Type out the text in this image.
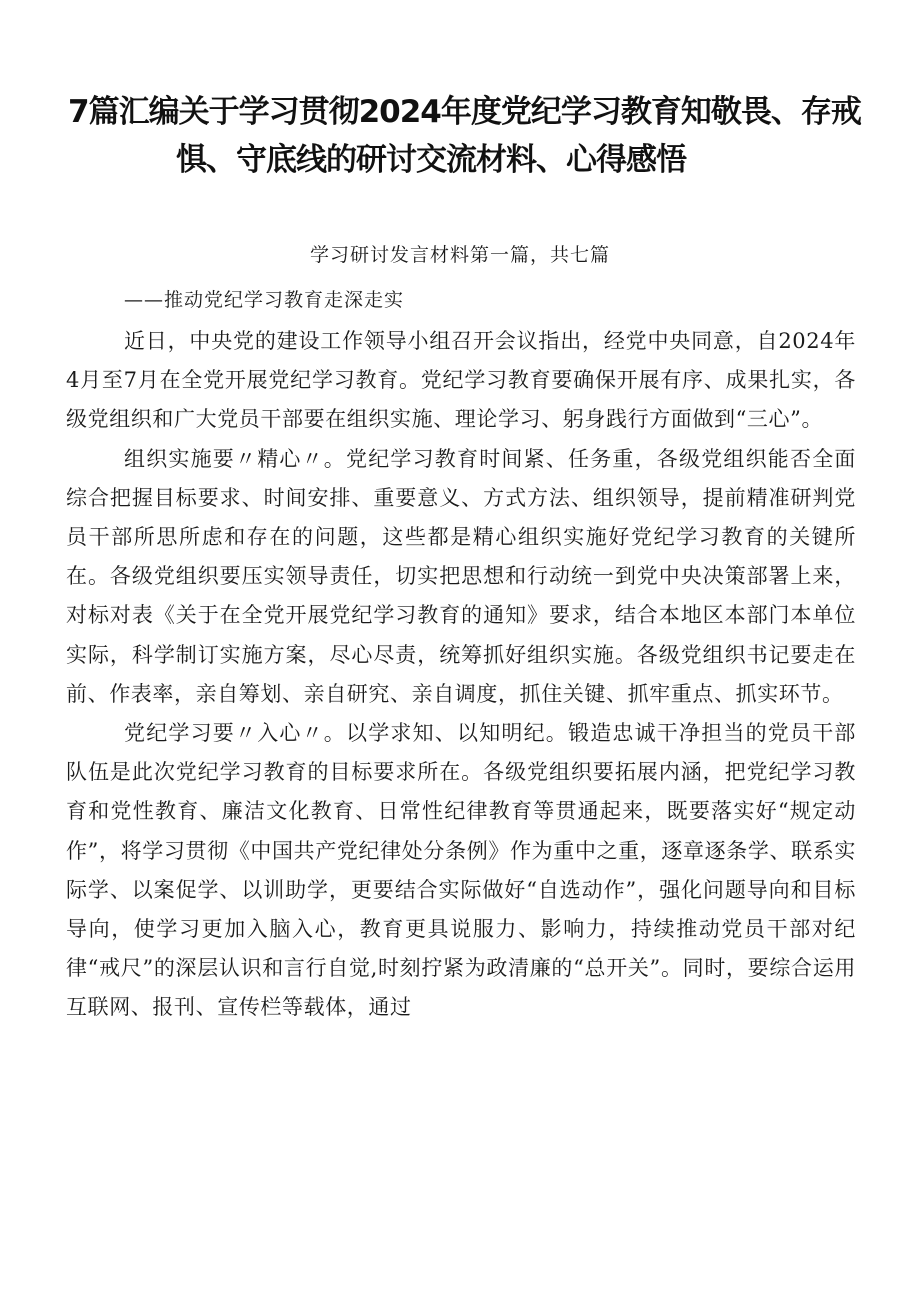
7篇汇编关于学习贯彻2024年度党纪学习教育知敬畏、存戒
惧、守底线的研讨交流材料、心得感悟

学习研讨发言材料第一篇，共七篇

——推动党纪学习教育走深走实

近日，中央党的建设工作领导小组召开会议指出，经党中央同意，自2024年4月至7月在全党开展党纪学习教育。党纪学习教育要确保开展有序、成果扎实，各级党组织和广大党员干部要在组织实施、理论学习、躬身践行方面做到“三心”。

组织实施要〃精心〃。党纪学习教育时间紧、任务重，各级党组织能否全面综合把握目标要求、时间安排、重要意义、方式方法、组织领导，提前精准研判党员干部所思所虑和存在的问题，这些都是精心组织实施好党纪学习教育的关键所在。各级党组织要压实领导责任，切实把思想和行动统一到党中央决策部署上来，对标对表《关于在全党开展党纪学习教育的通知》要求，结合本地区本部门本单位实际，科学制订实施方案，尽心尽责，统筹抓好组织实施。各级党组织书记要走在前、作表率，亲自筹划、亲自研究、亲自调度，抓住关键、抓牢重点、抓实环节。

党纪学习要〃入心〃。以学求知、以知明纪。锻造忠诚干净担当的党员干部队伍是此次党纪学习教育的目标要求所在。各级党组织要拓展内涵，把党纪学习教育和党性教育、廉洁文化教育、日常性纪律教育等贯通起来，既要落实好“规定动作”，将学习贯彻《中国共产党纪律处分条例》作为重中之重，逐章逐条学、联系实际学、以案促学、以训助学，更要结合实际做好“自选动作”，强化问题导向和目标导向，使学习更加入脑入心，教育更具说服力、影响力，持续推动党员干部对纪律“戒尺”的深层认识和言行自觉,时刻拧紧为政清廉的“总开关”。同时，要综合运用互联网、报刊、宣传栏等载体，通过
